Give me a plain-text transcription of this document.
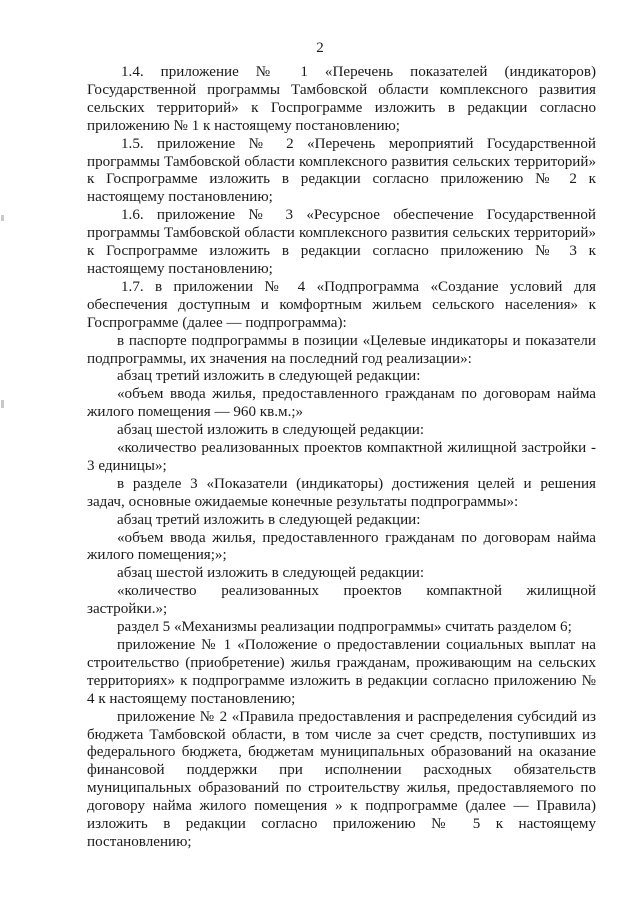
2

1.4. приложение № 1 «Перечень показателей (индикаторов) Государственной программы Тамбовской области комплексного развития сельских территорий» к Госпрограмме изложить в редакции согласно приложению № 1 к настоящему постановлению;

1.5. приложение № 2 «Перечень мероприятий Государственной программы Тамбовской области комплексного развития сельских территорий» к Госпрограмме изложить в редакции согласно приложению № 2 к настоящему постановлению;

1.6. приложение № 3 «Ресурсное обеспечение Государственной программы Тамбовской области комплексного развития сельских территорий» к Госпрограмме изложить в редакции согласно приложению № 3 к настоящему постановлению;

1.7. в приложении № 4 «Подпрограмма «Создание условий для обеспечения доступным и комфортным жильем сельского населения» к Госпрограмме (далее — подпрограмма):

в паспорте подпрограммы в позиции «Целевые индикаторы и показатели подпрограммы, их значения на последний год реализации»:

абзац третий изложить в следующей редакции:

«объем ввода жилья, предоставленного гражданам по договорам найма жилого помещения — 960 кв.м.;»

абзац шестой изложить в следующей редакции:

«количество реализованных проектов компактной жилищной застройки - 3 единицы»;

в разделе 3 «Показатели (индикаторы) достижения целей и решения задач, основные ожидаемые конечные результаты подпрограммы»:

абзац третий изложить в следующей редакции:

«объем ввода жилья, предоставленного гражданам по договорам найма жилого помещения;»;

абзац шестой изложить в следующей редакции:

«количество реализованных проектов компактной жилищной застройки.»;

раздел 5 «Механизмы реализации подпрограммы» считать разделом 6;

приложение № 1 «Положение о предоставлении социальных выплат на строительство (приобретение) жилья гражданам, проживающим на сельских территориях» к подпрограмме изложить в редакции согласно приложению № 4 к настоящему постановлению;

приложение № 2 «Правила предоставления и распределения субсидий из бюджета Тамбовской области, в том числе за счет средств, поступивших из федерального бюджета, бюджетам муниципальных образований на оказание финансовой поддержки при исполнении расходных обязательств муниципальных образований по строительству жилья, предоставляемого по договору найма жилого помещения » к подпрограмме (далее — Правила) изложить в редакции согласно приложению № 5 к настоящему постановлению;
